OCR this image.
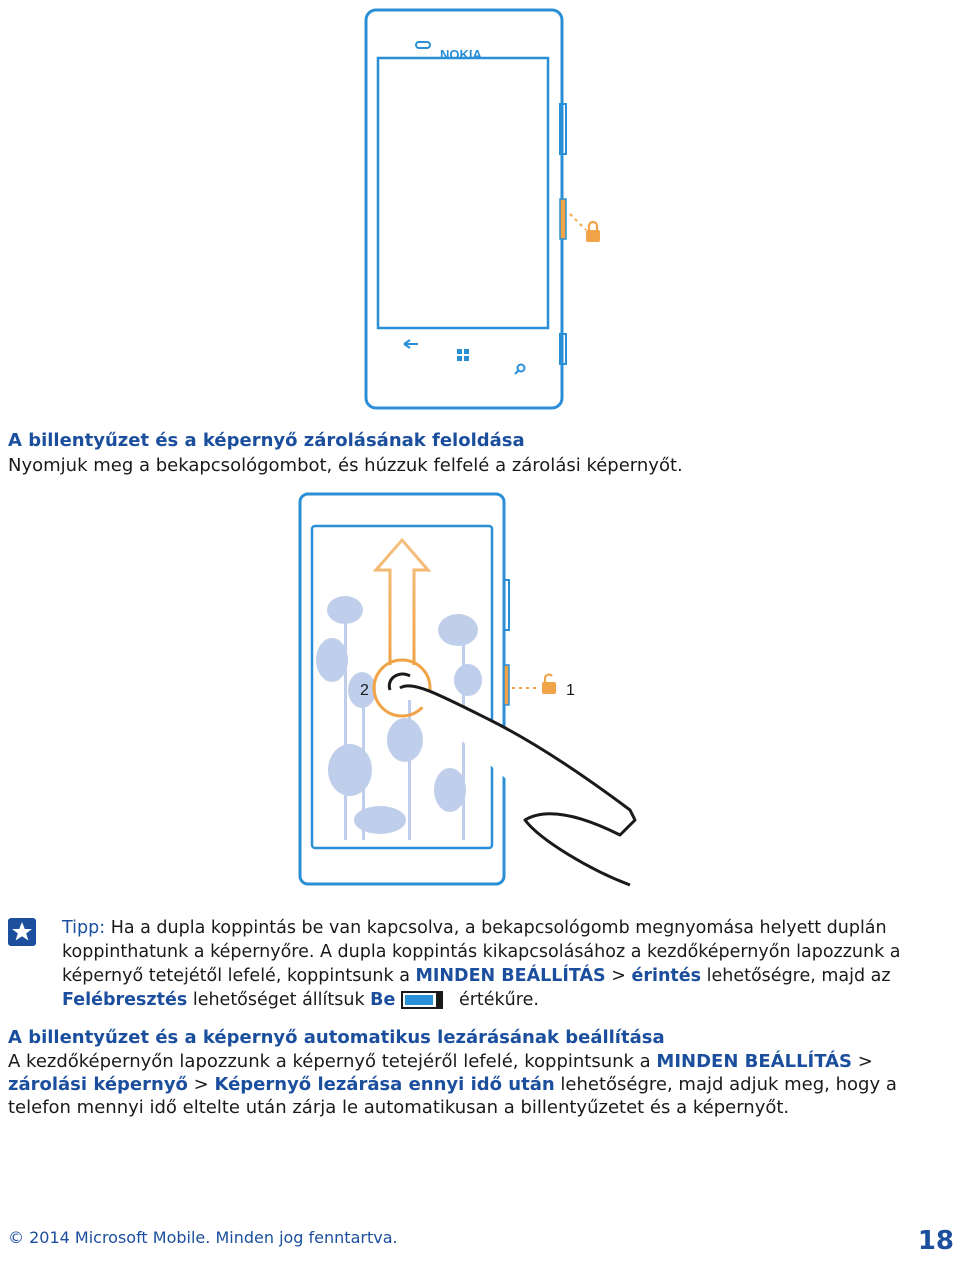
NOKIA
A billentyűzet és a képernyő zárolásának feloldása
Nyomjuk meg a bekapcsológombot, és húzzuk felfelé a zárolási képernyőt.
2	1
Tipp: Ha a dupla koppintás be van kapcsolva, a bekapcsológomb megnyomása helyett duplán koppinthatunk a képernyőre. A dupla koppintás kikapcsolásához a kezdőképernyőn lapozzunk a képernyő tetejétől lefelé, koppintsunk a MINDEN BEÁLLÍTÁS > érintés lehetőségre, majd az Felébresztés lehetőséget állítsuk Be	értékűre.
A billentyűzet és a képernyő automatikus lezárásának beállítása
A kezdőképernyőn lapozzunk a képernyő tetejéről lefelé, koppintsunk a MINDEN BEÁLLÍTÁS > zárolási képernyő > Képernyő lezárása ennyi idő után lehetőségre, majd adjuk meg, hogy a telefon mennyi idő eltelte után zárja le automatikusan a billentyűzetet és a képernyőt.
© 2014 Microsoft Mobile. Minden jog fenntartva.	18
